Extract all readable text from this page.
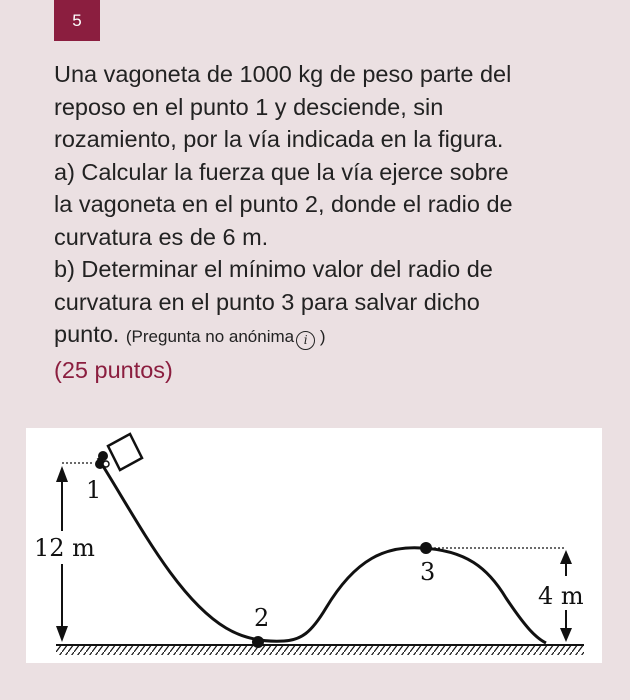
5

Una vagoneta de 1000 kg de peso parte del

reposo en el punto 1 y desciende, sin

rozamiento, por la vía indicada en la figura.

a) Calcular la fuerza que la vía ejerce sobre

la vagoneta en el punto 2, donde el radio de

curvatura es de 6 m.

b) Determinar el mínimo valor del radio de

curvatura en el punto 3 para salvar dicho

punto. (Pregunta no anónima i )

(25 puntos)

12 m
4 m
1
2
3
